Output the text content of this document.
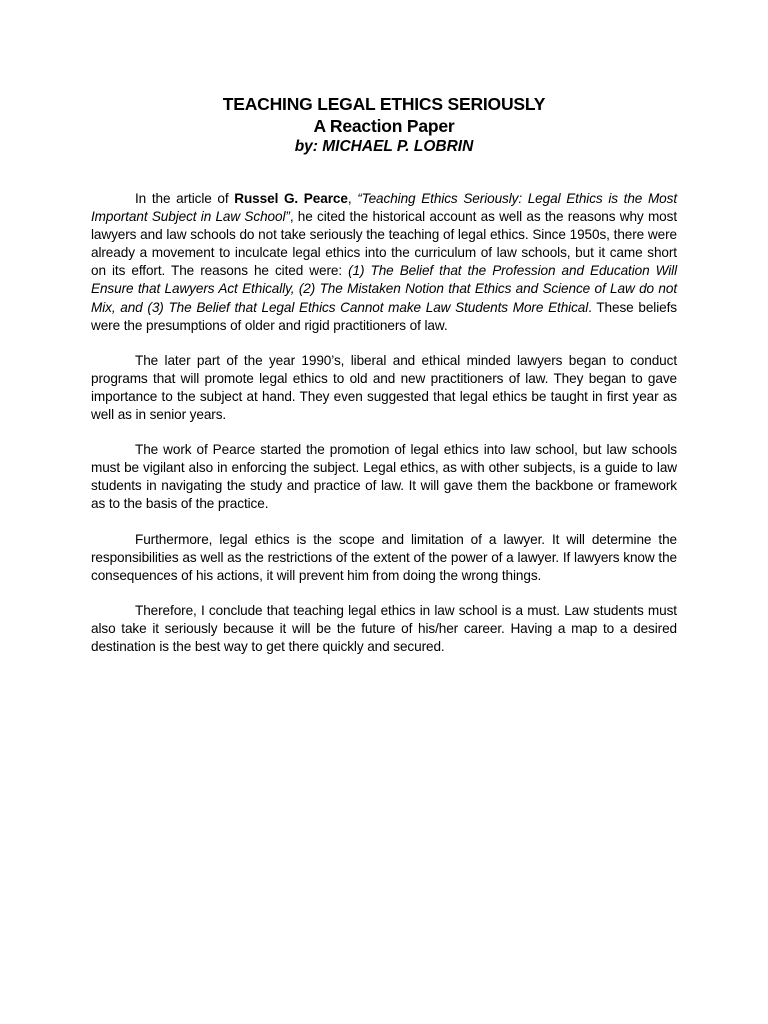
TEACHING LEGAL ETHICS SERIOUSLY
A Reaction Paper

by: MICHAEL P. LOBRIN

In the article of Russel G. Pearce, “Teaching Ethics Seriously: Legal Ethics is the Most Important Subject in Law School”, he cited the historical account as well as the reasons why most lawyers and law schools do not take seriously the teaching of legal ethics. Since 1950s, there were already a movement to inculcate legal ethics into the curriculum of law schools, but it came short on its effort. The reasons he cited were: (1) The Belief that the Profession and Education Will Ensure that Lawyers Act Ethically, (2) The Mistaken Notion that Ethics and Science of Law do not Mix, and (3) The Belief that Legal Ethics Cannot make Law Students More Ethical. These beliefs were the presumptions of older and rigid practitioners of law.

The later part of the year 1990’s, liberal and ethical minded lawyers began to conduct programs that will promote legal ethics to old and new practitioners of law. They began to gave importance to the subject at hand. They even suggested that legal ethics be taught in first year as well as in senior years.

The work of Pearce started the promotion of legal ethics into law school, but law schools must be vigilant also in enforcing the subject. Legal ethics, as with other subjects, is a guide to law students in navigating the study and practice of law. It will gave them the backbone or framework as to the basis of the practice.

Furthermore, legal ethics is the scope and limitation of a lawyer. It will determine the responsibilities as well as the restrictions of the extent of the power of a lawyer. If lawyers know the consequences of his actions, it will prevent him from doing the wrong things.

Therefore, I conclude that teaching legal ethics in law school is a must. Law students must also take it seriously because it will be the future of his/her career. Having a map to a desired destination is the best way to get there quickly and secured.
